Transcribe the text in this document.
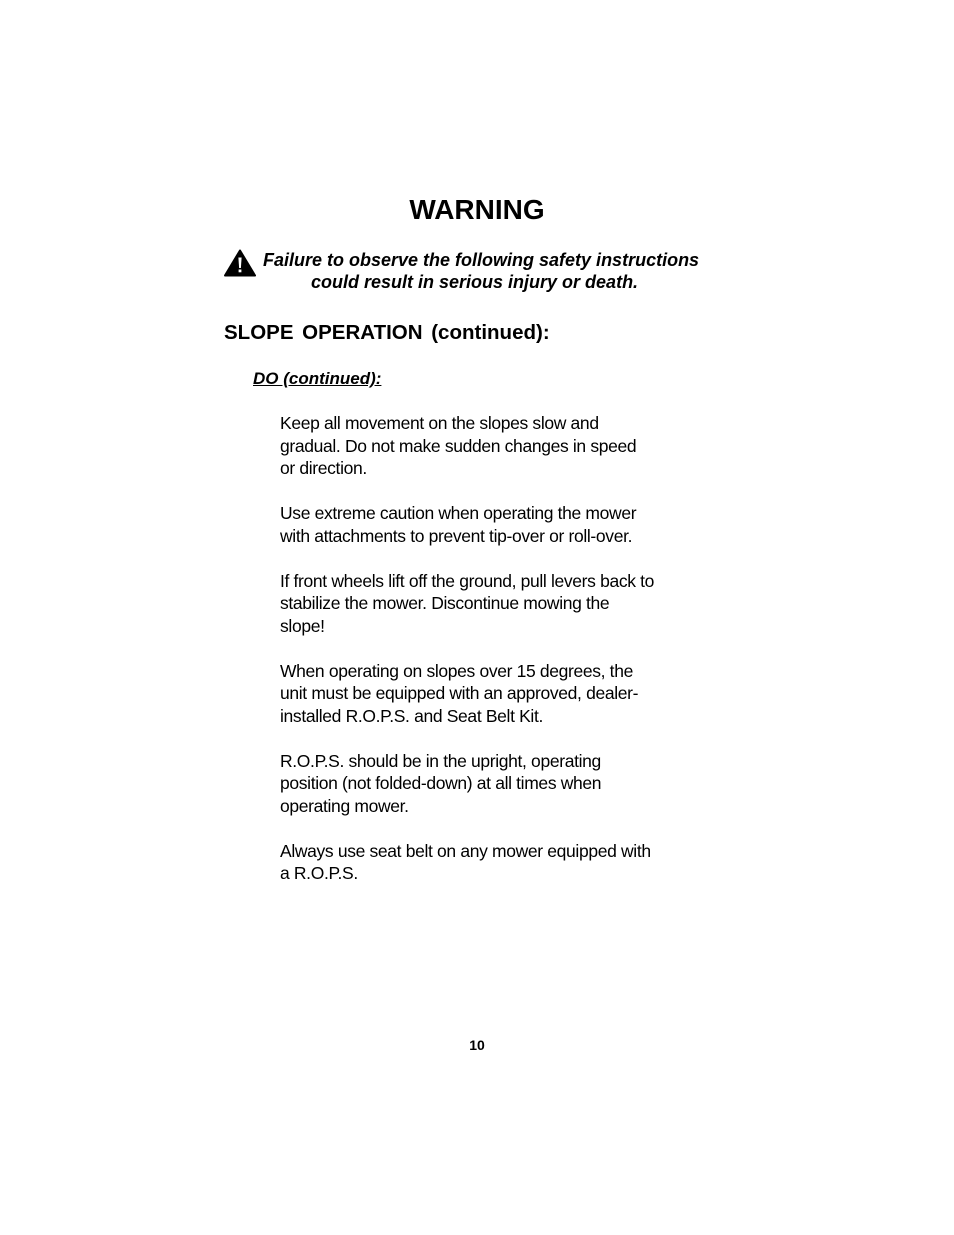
WARNING
Failure to observe the following safety instructions
could result in serious injury or death.
SLOPE OPERATION (continued):
DO (continued):

Keep all movement on the slopes slow and
gradual. Do not make sudden changes in speed
or direction.

Use extreme caution when operating the mower
with attachments to prevent tip-over or roll-over.

If front wheels lift off the ground, pull levers back to
stabilize the mower. Discontinue mowing the
slope!

When operating on slopes over 15 degrees, the
unit must be equipped with an approved, dealer-
installed R.O.P.S. and Seat Belt Kit.

R.O.P.S. should be in the upright, operating
position (not folded-down) at all times when
operating mower.

Always use seat belt on any mower equipped with
a R.O.P.S.

10
